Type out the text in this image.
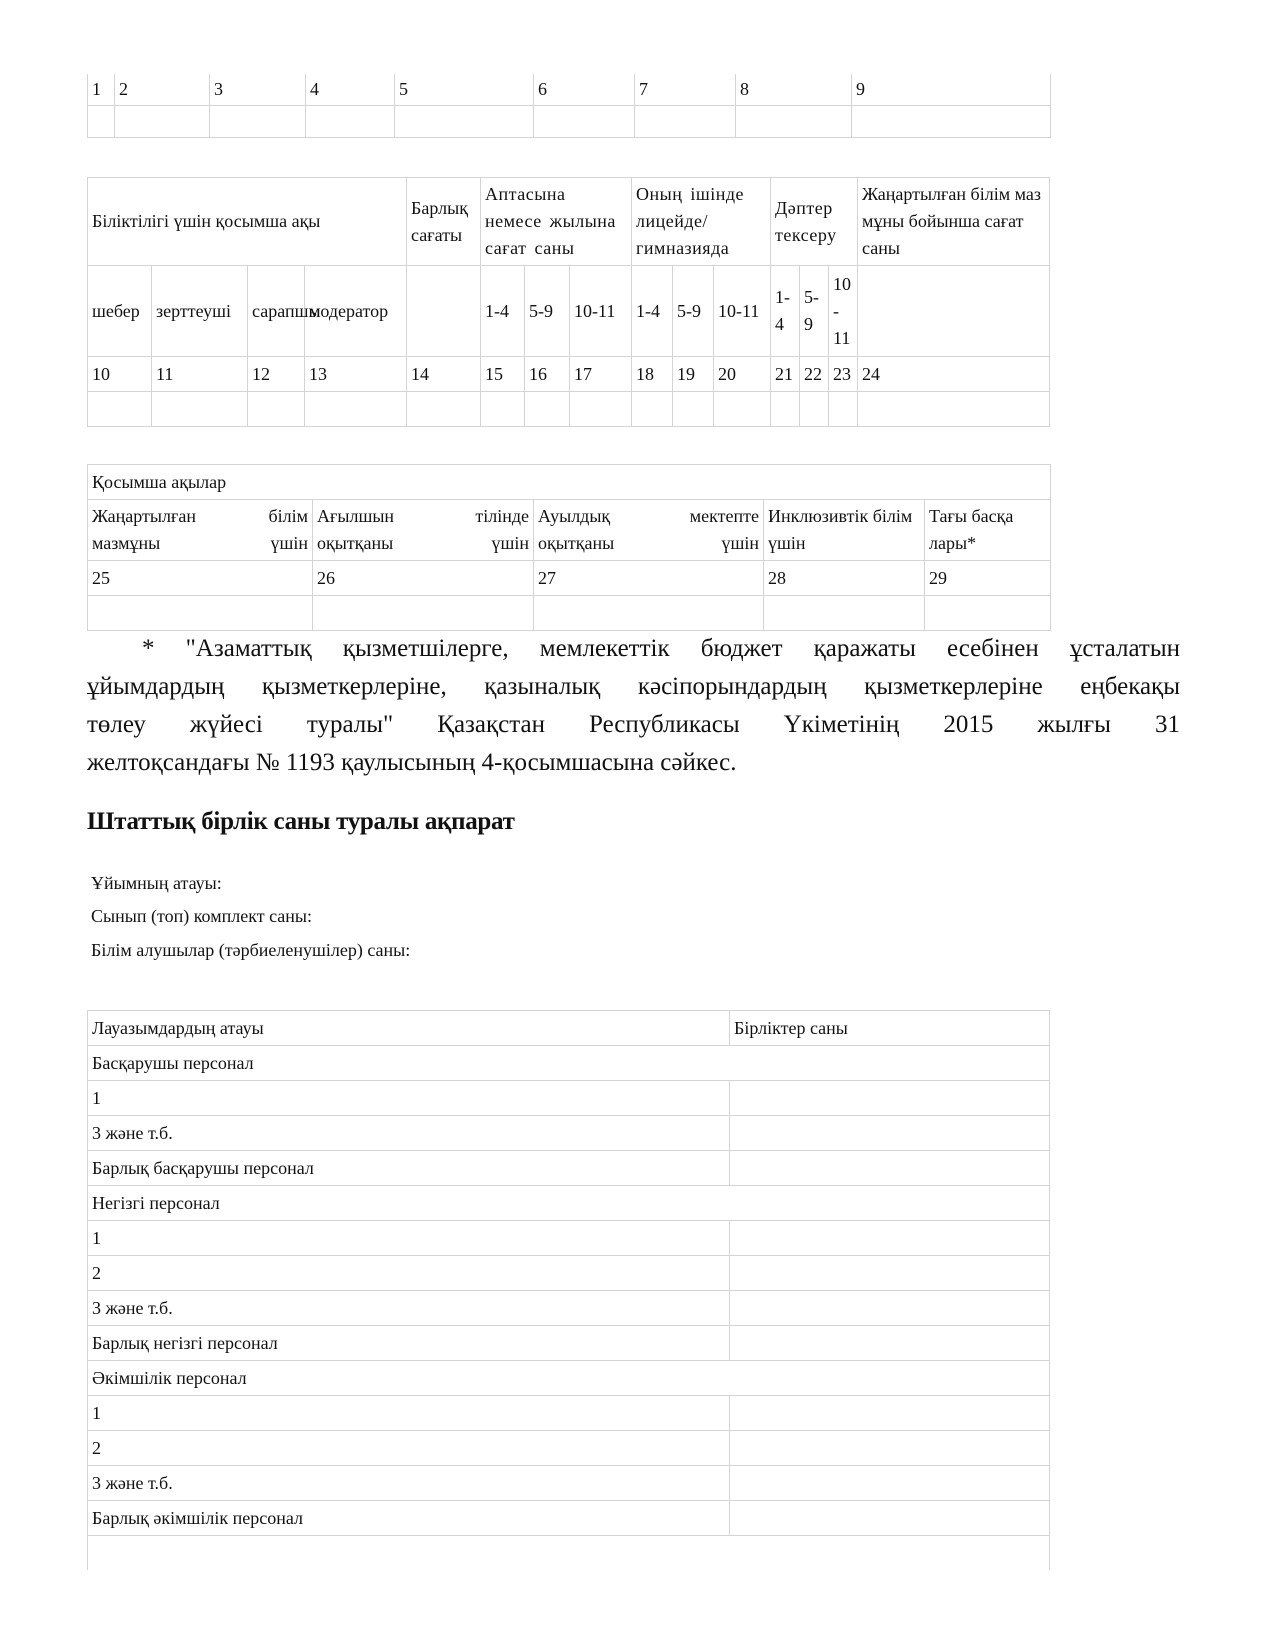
1	2	3	4	5	6	7	8	9

Біліктілігі үшін қосымша ақы				Барлық сағаты	Аптасына немесе жылына сағат саны			Оның ішінде лицейде/ гимназияда			Дәптер тексеру			Жаңартылған білім маз мұны бойынша сағат саны
шебер	зерттеуші	сарапшы	модератор		1-4	5-9	10-11	1-4	5-9	10-11	1- 4	5- 9	10 - 11	
10	11	12	13	14	15	16	17	18	19	20	21	22	23	24

Қосымша ақылар				

Жаңартылған білім мазмұны үшін	Ағылшын тілінде оқытқаны үшін	Ауылдық мектепте оқытқаны үшін	Инклюзивтік білім үшін	Тағы басқа лары*
25	26	27	28	29

* "Азаматтық қызметшілерге, мемлекеттік бюджет қаражаты есебінен ұсталатын
ұйымдардың қызметкерлеріне, қазыналық кәсіпорындардың қызметкерлеріне еңбекақы
төлеу жүйесі туралы" Қазақстан Республикасы Үкіметінің 2015 жылғы 31
желтоқсандағы № 1193 қаулысының 4-қосымшасына сәйкес.
Штаттық бірлік саны туралы ақпарат
Ұйымның атауы:
Сынып (топ) комплект саны:
Білім алушылар (тәрбиеленушілер) саны:
Лауазымдардың атауы	Бірліктер саны
Басқарушы персонал	
1	
3 және т.б.	
Барлық басқарушы персонал	
Негізгі персонал	
1	
2	
3 және т.б.	
Барлық негізгі персонал	
Әкімшілік персонал	
1	
2	
3 және т.б.	
Барлық әкімшілік персонал	
